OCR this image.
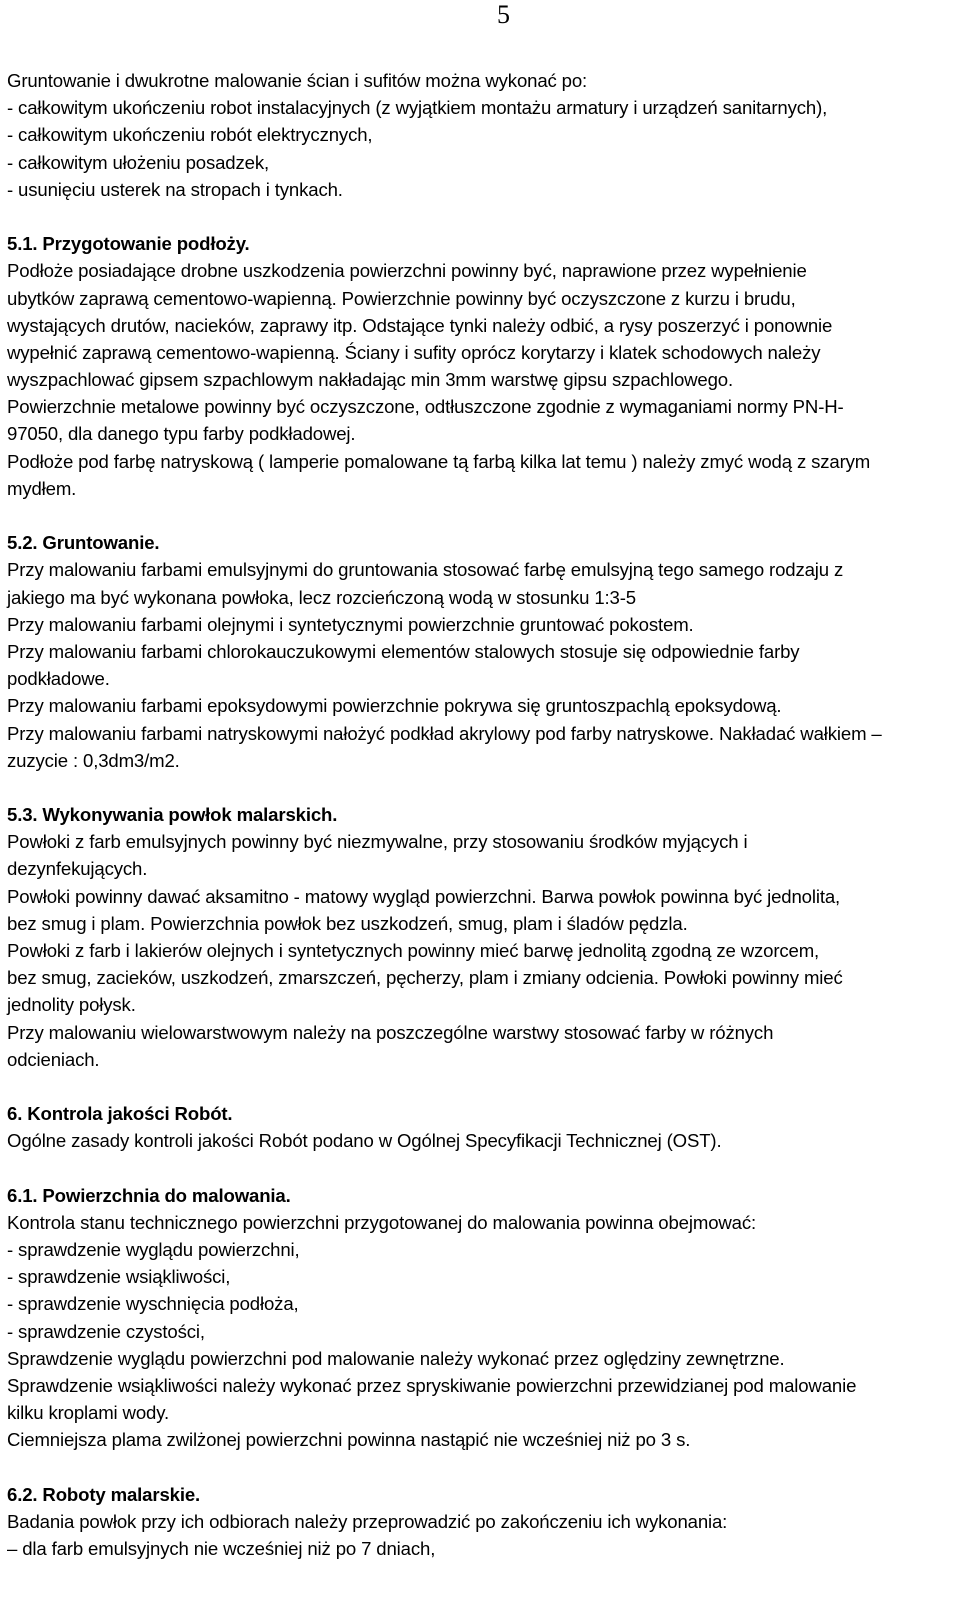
5
Gruntowanie i dwukrotne malowanie ścian i sufitów można wykonać po:
- całkowitym ukończeniu robot instalacyjnych (z wyjątkiem montażu armatury i urządzeń sanitarnych),
- całkowitym ukończeniu robót elektrycznych,
- całkowitym ułożeniu posadzek,
- usunięciu usterek na stropach i tynkach.
5.1. Przygotowanie podłoży.
Podłoże posiadające drobne uszkodzenia powierzchni powinny być, naprawione przez wypełnienie
ubytków zaprawą cementowo-wapienną. Powierzchnie powinny być oczyszczone z kurzu i brudu,
wystających drutów, nacieków, zaprawy itp. Odstające tynki należy odbić, a rysy poszerzyć i ponownie
wypełnić zaprawą cementowo-wapienną. Ściany i sufity oprócz korytarzy i klatek schodowych należy
wyszpachlować gipsem szpachlowym nakładając min 3mm warstwę gipsu szpachlowego.
Powierzchnie metalowe powinny być oczyszczone, odtłuszczone zgodnie z wymaganiami normy PN-H-
97050, dla danego typu farby podkładowej.
Podłoże pod farbę natryskową ( lamperie pomalowane tą farbą kilka lat temu ) należy zmyć wodą z szarym
mydłem.
5.2. Gruntowanie.
Przy malowaniu farbami emulsyjnymi do gruntowania stosować farbę emulsyjną tego samego rodzaju z
jakiego ma być wykonana powłoka, lecz rozcieńczoną wodą w stosunku 1:3-5
Przy malowaniu farbami olejnymi i syntetycznymi powierzchnie gruntować pokostem.
Przy malowaniu farbami chlorokauczukowymi elementów stalowych stosuje się odpowiednie farby
podkładowe.
Przy malowaniu farbami epoksydowymi powierzchnie pokrywa się gruntoszpachlą epoksydową.
Przy malowaniu farbami natryskowymi nałożyć podkład akrylowy pod farby natryskowe. Nakładać wałkiem –
zuzycie : 0,3dm3/m2.
5.3. Wykonywania powłok malarskich.
Powłoki z farb emulsyjnych powinny być niezmywalne, przy stosowaniu środków myjących i
dezynfekujących.
Powłoki powinny dawać aksamitno - matowy wygląd powierzchni. Barwa powłok powinna być jednolita,
bez smug i plam. Powierzchnia powłok bez uszkodzeń, smug, plam i śladów pędzla.
Powłoki z farb i lakierów olejnych i syntetycznych powinny mieć barwę jednolitą zgodną ze wzorcem,
bez smug, zacieków, uszkodzeń, zmarszczeń, pęcherzy, plam i zmiany odcienia. Powłoki powinny mieć
jednolity połysk.
Przy malowaniu wielowarstwowym należy na poszczególne warstwy stosować farby w różnych
odcieniach.
6. Kontrola jakości Robót.
Ogólne zasady kontroli jakości Robót podano w Ogólnej Specyfikacji Technicznej (OST).
6.1. Powierzchnia do malowania.
Kontrola stanu technicznego powierzchni przygotowanej do malowania powinna obejmować:
- sprawdzenie wyglądu powierzchni,
- sprawdzenie wsiąkliwości,
- sprawdzenie wyschnięcia podłoża,
- sprawdzenie czystości,
Sprawdzenie wyglądu powierzchni pod malowanie należy wykonać przez oględziny zewnętrzne.
Sprawdzenie wsiąkliwości należy wykonać przez spryskiwanie powierzchni przewidzianej pod malowanie
kilku kroplami wody.
Ciemniejsza plama zwilżonej powierzchni powinna nastąpić nie wcześniej niż po 3 s.
6.2. Roboty malarskie.
Badania powłok przy ich odbiorach należy przeprowadzić po zakończeniu ich wykonania:
– dla farb emulsyjnych nie wcześniej niż po 7 dniach,
